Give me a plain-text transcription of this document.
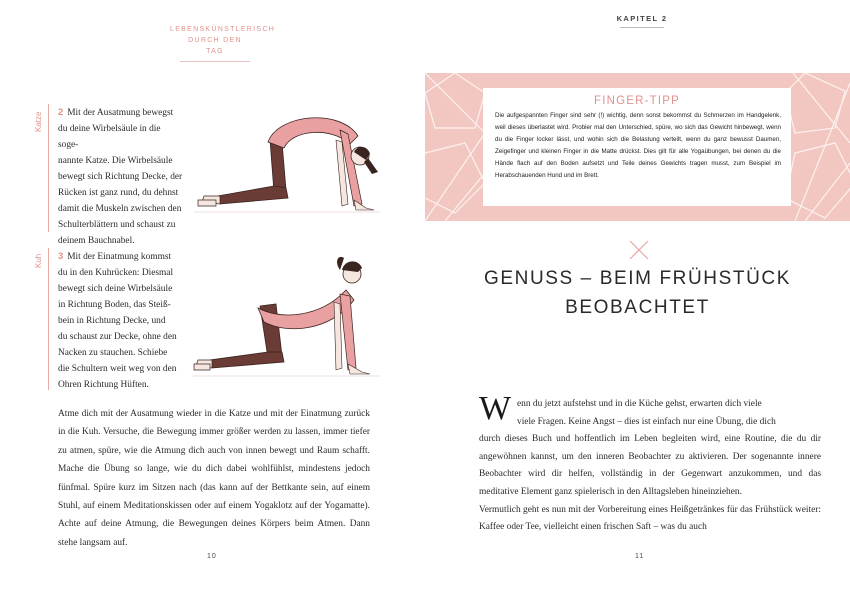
LEBENSKÜNSTLERISCH
DURCH DEN
TAG
Katze
Kuh
2 Mit der Ausatmung bewegst
du deine Wirbelsäule in die soge-
nannte Katze. Die Wirbelsäule
bewegt sich Richtung Decke, der
Rücken ist ganz rund, du dehnst
damit die Muskeln zwischen den
Schulterblättern und schaust zu
deinem Bauchnabel.
3 Mit der Einatmung kommst
du in den Kuhrücken: Diesmal
bewegt sich deine Wirbelsäule
in Richtung Boden, das Steiß-
bein in Richtung Decke, und
du schaust zur Decke, ohne den
Nacken zu stauchen. Schiebe
die Schultern weit weg von den
Ohren Richtung Hüften.
Atme dich mit der Ausatmung wieder in die Katze und mit der Einatmung zurück in die Kuh. Versuche, die Bewegung immer größer werden zu lassen, immer tiefer zu atmen, spüre, wie die Atmung dich auch von innen bewegt und Raum schafft. Mache die Übung so lange, wie du dich dabei wohlfühlst, mindestens jedoch fünfmal. Spüre kurz im Sitzen nach (das kann auf der Bettkante sein, auf einem Stuhl, auf einem Meditationskissen oder auf einem Yogaklotz auf der Yogamatte). Achte auf deine Atmung, die Bewegungen deines Körpers beim Atmen. Dann stehe langsam auf.
10
KAPITEL 2
FINGER-TIPP
Die aufgespannten Finger sind sehr (!) wichtig, denn sonst bekommst du Schmerzen im Handgelenk, weil dieses überlastet wird. Probier mal den Unterschied, spüre, wo sich das Gewicht hinbewegt, wenn du die Finger locker lässt, und wohin sich die Belastung verteilt, wenn du ganz bewusst Daumen, Zeigefinger und kleinen Finger in die Matte drückst. Dies gilt für alle Yogaübungen, bei denen du die Hände flach auf den Boden aufsetzt und Teile deines Gewichts tragen musst, zum Beispiel im Herabschauenden Hund und im Brett.
GENUSS – BEIM FRÜHSTÜCK
BEOBACHTET
W enn du jetzt aufstehst und in die Küche gehst, erwarten dich viele
viele Fragen. Keine Angst – dies ist einfach nur eine Übung, die dich
durch dieses Buch und hoffentlich im Leben begleiten wird, eine Routine, die du dir angewöhnen kannst, um den inneren Beobachter zu aktivieren. Der sogenannte innere Beobachter wird dir helfen, vollständig in der Gegenwart anzukommen, und das meditative Element ganz spielerisch in den Alltagsleben hineinziehen.
Vermutlich geht es nun mit der Vorbereitung eines Heißgetränkes für das Frühstück weiter: Kaffee oder Tee, vielleicht einen frischen Saft – was du auch
11
